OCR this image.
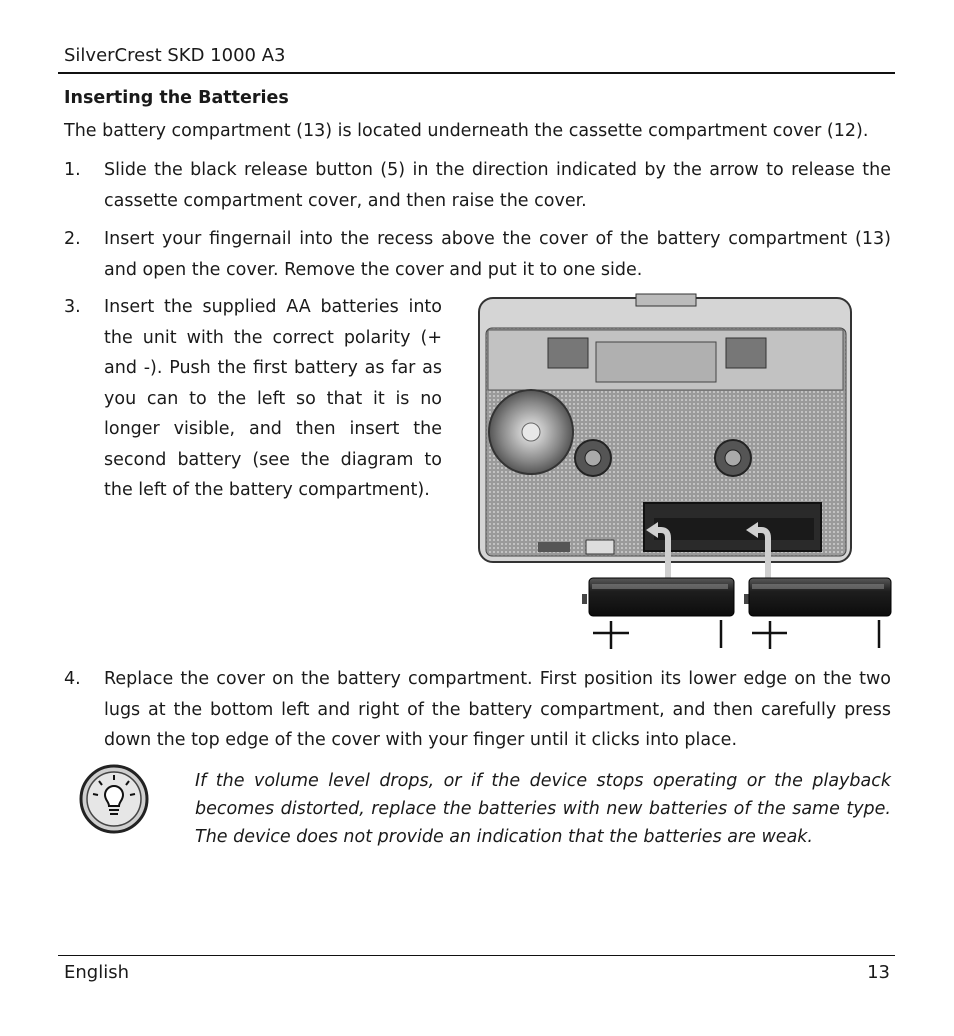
SilverCrest SKD 1000 A3
Inserting the Batteries
The battery compartment (13) is located underneath the cassette compartment cover (12).
1. Slide the black release button (5) in the direction indicated by the arrow to release the cassette compartment cover, and then raise the cover.
2. Insert your fingernail into the recess above the cover of the battery compartment (13) and open the cover. Remove the cover and put it to one side.
3. Insert the supplied AA batteries into the unit with the correct polarity (+ and -). Push the first battery as far as you can to the left so that it is no longer visible, and then insert the second battery (see the diagram to the left of the battery compartment).
4. Replace the cover on the battery compartment. First position its lower edge on the two lugs at the bottom left and right of the battery compartment, and then carefully press down the top edge of the cover with your finger until it clicks into place.
If the volume level drops, or if the device stops operating or the playback becomes distorted, replace the batteries with new batteries of the same type. The device does not provide an indication that the batteries are weak.
English	13
